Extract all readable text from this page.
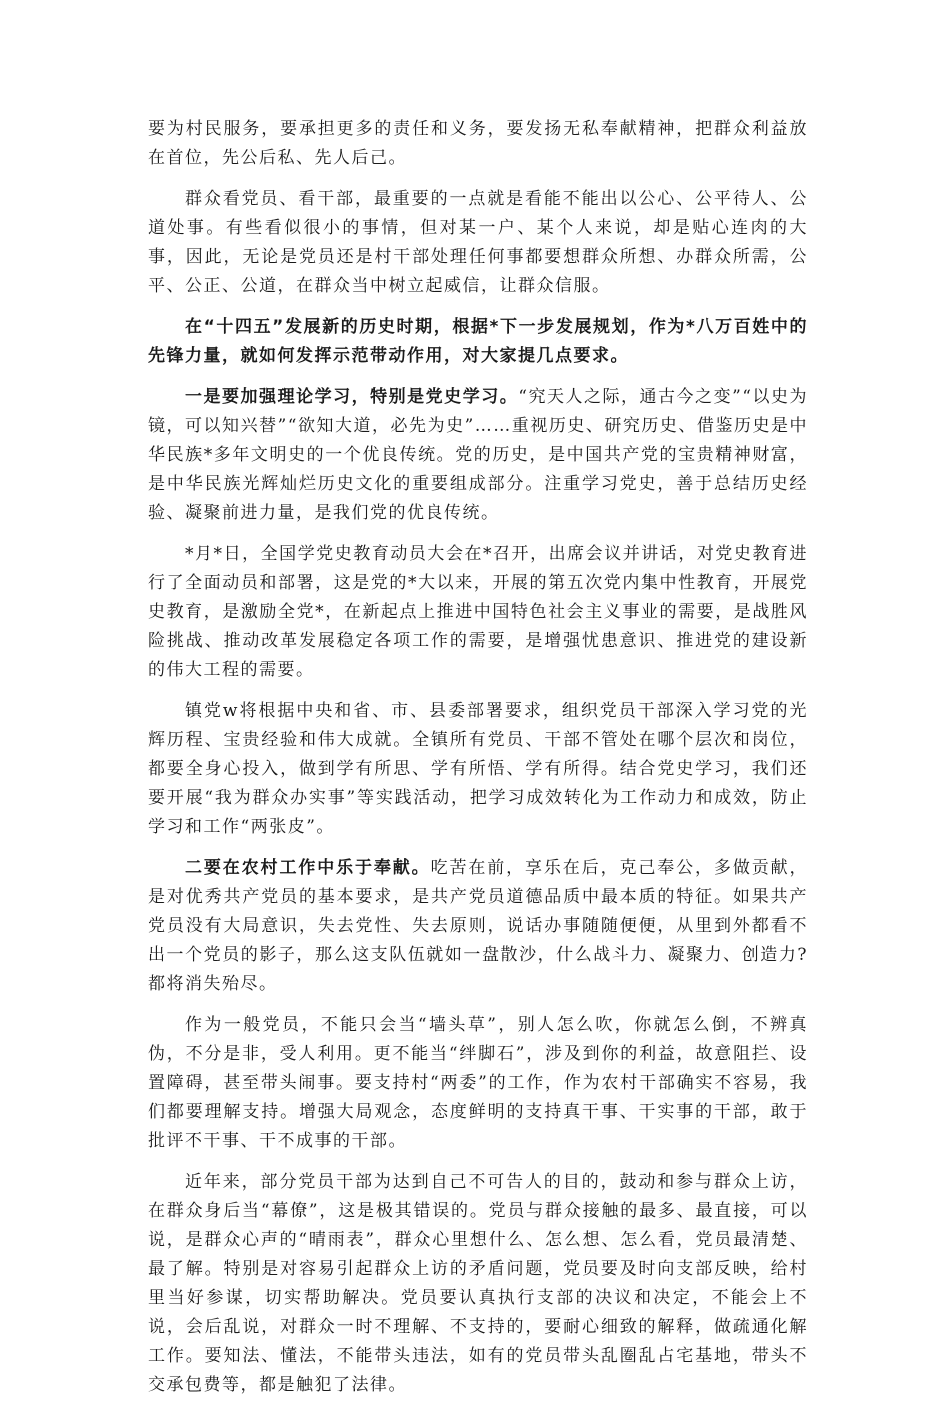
要为村民服务，要承担更多的责任和义务，要发扬无私奉献精神，把群众利益放在首位，先公后私、先人后己。

群众看党员、看干部，最重要的一点就是看能不能出以公心、公平待人、公道处事。有些看似很小的事情，但对某一户、某个人来说，却是贴心连肉的大事，因此，无论是党员还是村干部处理任何事都要想群众所想、办群众所需，公平、公正、公道，在群众当中树立起威信，让群众信服。

在“十四五”发展新的历史时期，根据*下一步发展规划，作为*八万百姓中的先锋力量，就如何发挥示范带动作用，对大家提几点要求。

一是要加强理论学习，特别是党史学习。“究天人之际，通古今之变”“以史为镜，可以知兴替”“欲知大道，必先为史”……重视历史、研究历史、借鉴历史是中华民族*多年文明史的一个优良传统。党的历史，是中国共产党的宝贵精神财富，是中华民族光辉灿烂历史文化的重要组成部分。注重学习党史，善于总结历史经验、凝聚前进力量，是我们党的优良传统。

*月*日，全国学党史教育动员大会在*召开，出席会议并讲话，对党史教育进行了全面动员和部署，这是党的*大以来，开展的第五次党内集中性教育，开展党史教育，是激励全党*，在新起点上推进中国特色社会主义事业的需要，是战胜风险挑战、推动改革发展稳定各项工作的需要，是增强忧患意识、推进党的建设新的伟大工程的需要。

镇党w将根据中央和省、市、县委部署要求，组织党员干部深入学习党的光辉历程、宝贵经验和伟大成就。全镇所有党员、干部不管处在哪个层次和岗位，都要全身心投入，做到学有所思、学有所悟、学有所得。结合党史学习，我们还要开展“我为群众办实事”等实践活动，把学习成效转化为工作动力和成效，防止学习和工作“两张皮”。

二要在农村工作中乐于奉献。吃苦在前，享乐在后，克己奉公，多做贡献，是对优秀共产党员的基本要求，是共产党员道德品质中最本质的特征。如果共产党员没有大局意识，失去党性、失去原则，说话办事随随便便，从里到外都看不出一个党员的影子，那么这支队伍就如一盘散沙，什么战斗力、凝聚力、创造力?都将消失殆尽。

作为一般党员，不能只会当“墙头草”，别人怎么吹，你就怎么倒，不辨真伪，不分是非，受人利用。更不能当“绊脚石”，涉及到你的利益，故意阻拦、设置障碍，甚至带头闹事。要支持村“两委”的工作，作为农村干部确实不容易，我们都要理解支持。增强大局观念，态度鲜明的支持真干事、干实事的干部，敢于批评不干事、干不成事的干部。

近年来，部分党员干部为达到自己不可告人的目的，鼓动和参与群众上访，在群众身后当“幕僚”，这是极其错误的。党员与群众接触的最多、最直接，可以说，是群众心声的“晴雨表”，群众心里想什么、怎么想、怎么看，党员最清楚、最了解。特别是对容易引起群众上访的矛盾问题，党员要及时向支部反映，给村里当好参谋，切实帮助解决。党员要认真执行支部的决议和决定，不能会上不说，会后乱说，对群众一时不理解、不支持的，要耐心细致的解释，做疏通化解工作。要知法、懂法，不能带头违法，如有的党员带头乱圈乱占宅基地，带头不交承包费等，都是触犯了法律。
